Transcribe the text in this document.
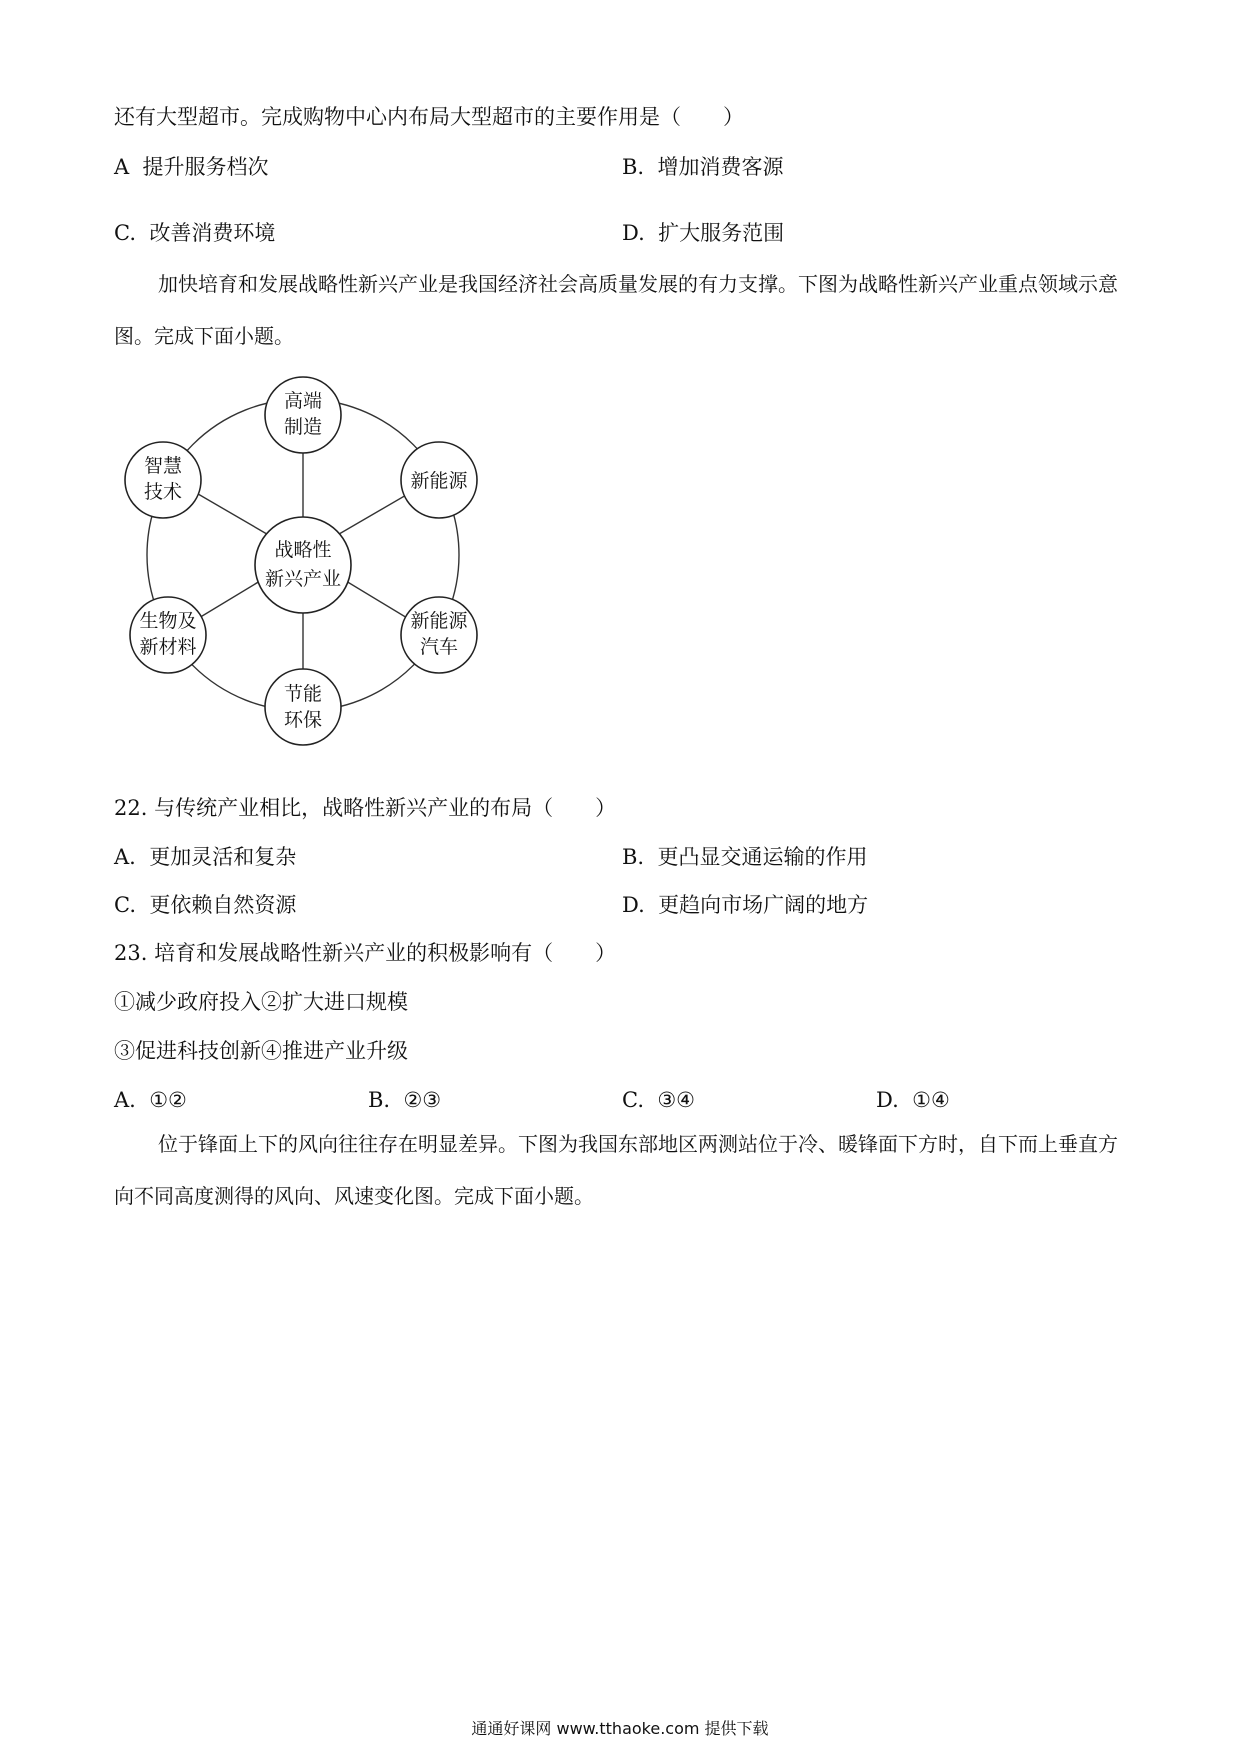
还有大型超市。完成购物中心内布局大型超市的主要作用是（　　）
A 提升服务档次	B. 增加消费客源
C. 改善消费环境	D. 扩大服务范围
加快培育和发展战略性新兴产业是我国经济社会高质量发展的有力支撑。下图为战略性新兴产业重点领域示意图。完成下面小题。
战略性
新兴产业
高端
制造
新能源
新能源
汽车
节能
环保
生物及
新材料
智慧
技术
22. 与传统产业相比，战略性新兴产业的布局（　　）
A. 更加灵活和复杂	B. 更凸显交通运输的作用
C. 更依赖自然资源	D. 更趋向市场广阔的地方
23. 培育和发展战略性新兴产业的积极影响有（　　）
①减少政府投入②扩大进口规模
③促进科技创新④推进产业升级
A. ①②	B. ②③	C. ③④	D. ①④
位于锋面上下的风向往往存在明显差异。下图为我国东部地区两测站位于冷、暖锋面下方时，自下而上垂直方向不同高度测得的风向、风速变化图。完成下面小题。
通通好课网 www.tthaoke.com 提供下载
